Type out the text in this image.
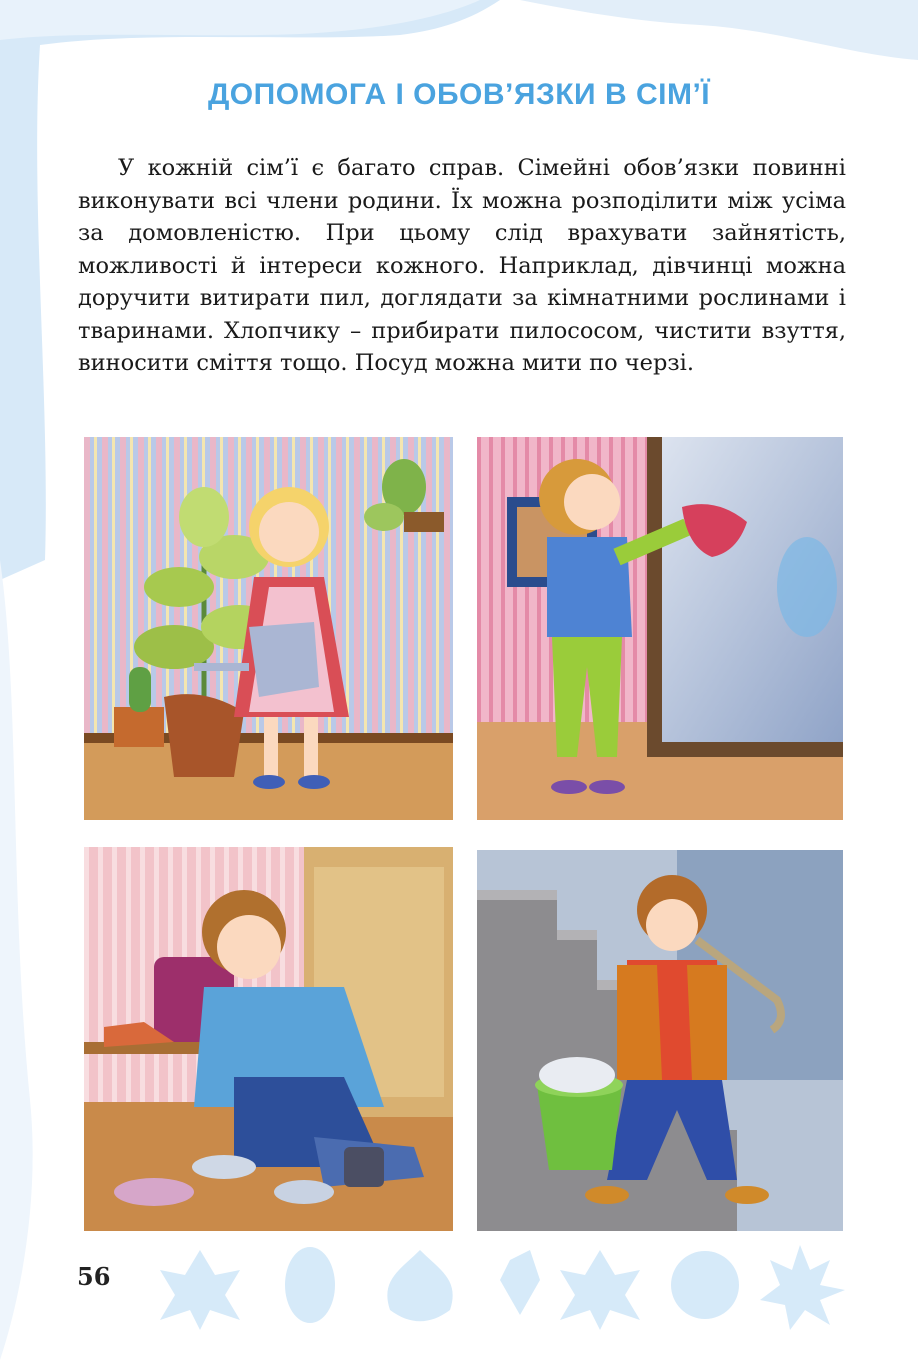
ДОПОМОГА І ОБОВ’ЯЗКИ В СІМ’Ї

У кожній сім’ї є багато справ. Сімейні обов’язки повинні виконувати всі члени родини. Їх можна розподілити між усіма за домовленістю. При цьому слід врахувати зайнятість, можливості й інтереси кожного. Наприклад, дівчинці можна доручити витирати пил, доглядати за кімнатними рослинами і тваринами. Хлопчику – прибирати пилососом, чистити взуття, виносити сміття тощо. Посуд можна мити по черзі.

56
